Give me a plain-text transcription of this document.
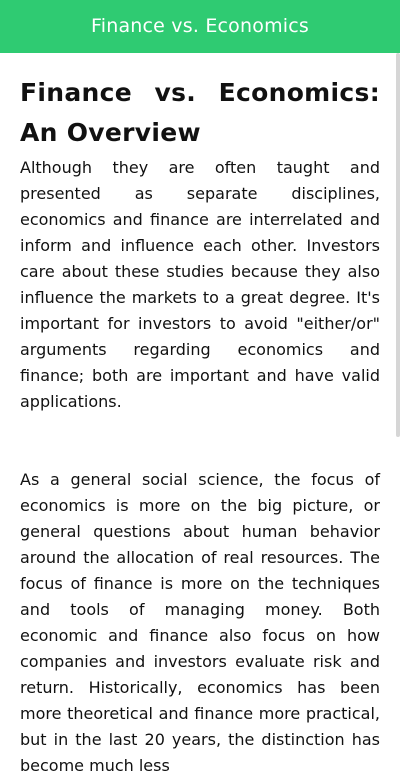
Finance vs. Economics
Finance vs. Economics: An Overview

Although they are often taught and presented as separate disciplines, economics and finance are interrelated and inform and influence each other. Investors care about these studies because they also influence the markets to a great degree. It's important for investors to avoid "either/or" arguments regarding economics and finance; both are important and have valid applications.

As a general social science, the focus of economics is more on the big picture, or general questions about human behavior around the allocation of real resources. The focus of finance is more on the techniques and tools of managing money. Both economic and finance also focus on how companies and investors evaluate risk and return. Historically, economics has been more theoretical and finance more practical, but in the last 20 years, the distinction has become much less
